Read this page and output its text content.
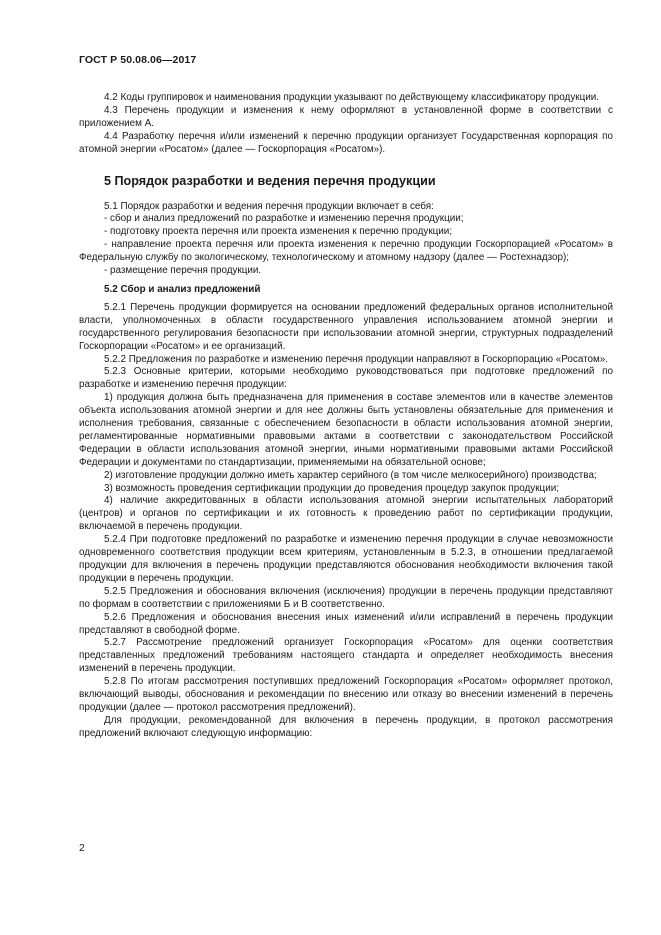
ГОСТ Р 50.08.06—2017

4.2 Коды группировок и наименования продукции указывают по действующему классификатору продукции.

4.3 Перечень продукции и изменения к нему оформляют в установленной форме в соответствии с приложением А.

4.4 Разработку перечня и/или изменений к перечню продукции организует Государственная корпорация по атомной энергии «Росатом» (далее — Госкорпорация «Росатом»).

5 Порядок разработки и ведения перечня продукции

5.1 Порядок разработки и ведения перечня продукции включает в себя:

- сбор и анализ предложений по разработке и изменению перечня продукции;

- подготовку проекта перечня или проекта изменения к перечню продукции;

- направление проекта перечня или проекта изменения к перечню продукции Госкорпорацией «Росатом» в Федеральную службу по экологическому, технологическому и атомному надзору (далее — Ростехнадзор);

- размещение перечня продукции.

5.2 Сбор и анализ предложений

5.2.1 Перечень продукции формируется на основании предложений федеральных органов исполнительной власти, уполномоченных в области государственного управления использованием атомной энергии и государственного регулирования безопасности при использовании атомной энергии, структурных подразделений Госкорпорации «Росатом» и ее организаций.

5.2.2 Предложения по разработке и изменению перечня продукции направляют в Госкорпорацию «Росатом».

5.2.3 Основные критерии, которыми необходимо руководствоваться при подготовке предложений по разработке и изменению перечня продукции:

1) продукция должна быть предназначена для применения в составе элементов или в качестве элементов объекта использования атомной энергии и для нее должны быть установлены обязательные для применения и исполнения требования, связанные с обеспечением безопасности в области использования атомной энергии, регламентированные нормативными правовыми актами в соответствии с законодательством Российской Федерации в области использования атомной энергии, иными нормативными правовыми актами Российской Федерации и документами по стандартизации, применяемыми на обязательной основе;

2) изготовление продукции должно иметь характер серийного (в том числе мелкосерийного) производства;

3) возможность проведения сертификации продукции до проведения процедур закупок продукции;

4) наличие аккредитованных в области использования атомной энергии испытательных лабораторий (центров) и органов по сертификации и их готовность к проведению работ по сертификации продукции, включаемой в перечень продукции.

5.2.4 При подготовке предложений по разработке и изменению перечня продукции в случае невозможности одновременного соответствия продукции всем критериям, установленным в 5.2.3, в отношении предлагаемой продукции для включения в перечень продукции представляются обоснования необходимости включения такой продукции в перечень продукции.

5.2.5 Предложения и обоснования включения (исключения) продукции в перечень продукции представляют по формам в соответствии с приложениями Б и В соответственно.

5.2.6 Предложения и обоснования внесения иных изменений и/или исправлений в перечень продукции представляют в свободной форме.

5.2.7 Рассмотрение предложений организует Госкорпорация «Росатом» для оценки соответствия представленных предложений требованиям настоящего стандарта и определяет необходимость внесения изменений в перечень продукции.

5.2.8 По итогам рассмотрения поступивших предложений Госкорпорация «Росатом» оформляет протокол, включающий выводы, обоснования и рекомендации по внесению или отказу во внесении изменений в перечень продукции (далее — протокол рассмотрения предложений).

Для продукции, рекомендованной для включения в перечень продукции, в протокол рассмотрения предложений включают следующую информацию:

2
